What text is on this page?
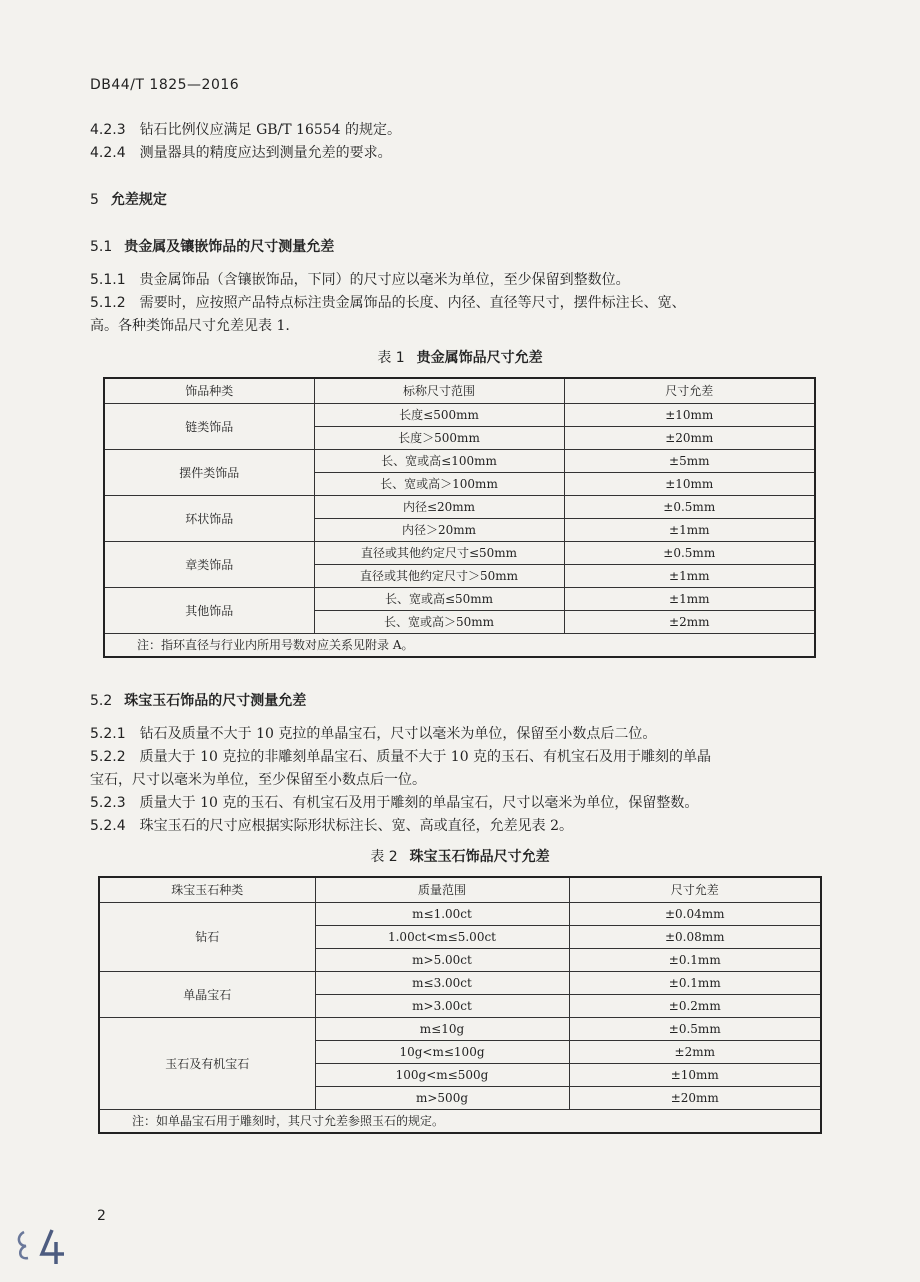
DB44/T 1825—2016
4.2.3 钻石比例仪应满足 GB/T 16554 的规定。
4.2.4 测量器具的精度应达到测量允差的要求。
5 允差规定
5.1 贵金属及镶嵌饰品的尺寸测量允差
5.1.1 贵金属饰品（含镶嵌饰品，下同）的尺寸应以毫米为单位，至少保留到整数位。
5.1.2 需要时，应按照产品特点标注贵金属饰品的长度、内径、直径等尺寸，摆件标注长、宽、
高。各种类饰品尺寸允差见表 1.
表 1 贵金属饰品尺寸允差
饰品种类	标称尺寸范围	尺寸允差
链类饰品	长度≤500mm	±10mm
	长度＞500mm	±20mm
摆件类饰品	长、宽或高≤100mm	±5mm
	长、宽或高＞100mm	±10mm
环状饰品	内径≤20mm	±0.5mm
	内径＞20mm	±1mm
章类饰品	直径或其他约定尺寸≤50mm	±0.5mm
	直径或其他约定尺寸＞50mm	±1mm
其他饰品	长、宽或高≤50mm	±1mm
	长、宽或高＞50mm	±2mm
注：指环直径与行业内所用号数对应关系见附录 A。		
5.2 珠宝玉石饰品的尺寸测量允差
5.2.1 钻石及质量不大于 10 克拉的单晶宝石，尺寸以毫米为单位，保留至小数点后二位。
5.2.2 质量大于 10 克拉的非雕刻单晶宝石、质量不大于 10 克的玉石、有机宝石及用于雕刻的单晶
宝石，尺寸以毫米为单位，至少保留至小数点后一位。
5.2.3 质量大于 10 克的玉石、有机宝石及用于雕刻的单晶宝石，尺寸以毫米为单位，保留整数。
5.2.4 珠宝玉石的尺寸应根据实际形状标注长、宽、高或直径，允差见表 2。
表 2 珠宝玉石饰品尺寸允差
珠宝玉石种类	质量范围	尺寸允差
钻石	m≤1.00ct	±0.04mm
	1.00ct<m≤5.00ct	±0.08mm
	m>5.00ct	±0.1mm
单晶宝石	m≤3.00ct	±0.1mm
	m>3.00ct	±0.2mm
玉石及有机宝石	m≤10g	±0.5mm
	10g<m≤100g	±2mm
	100g<m≤500g	±10mm
	m>500g	±20mm
注：如单晶宝石用于雕刻时，其尺寸允差参照玉石的规定。		
2
